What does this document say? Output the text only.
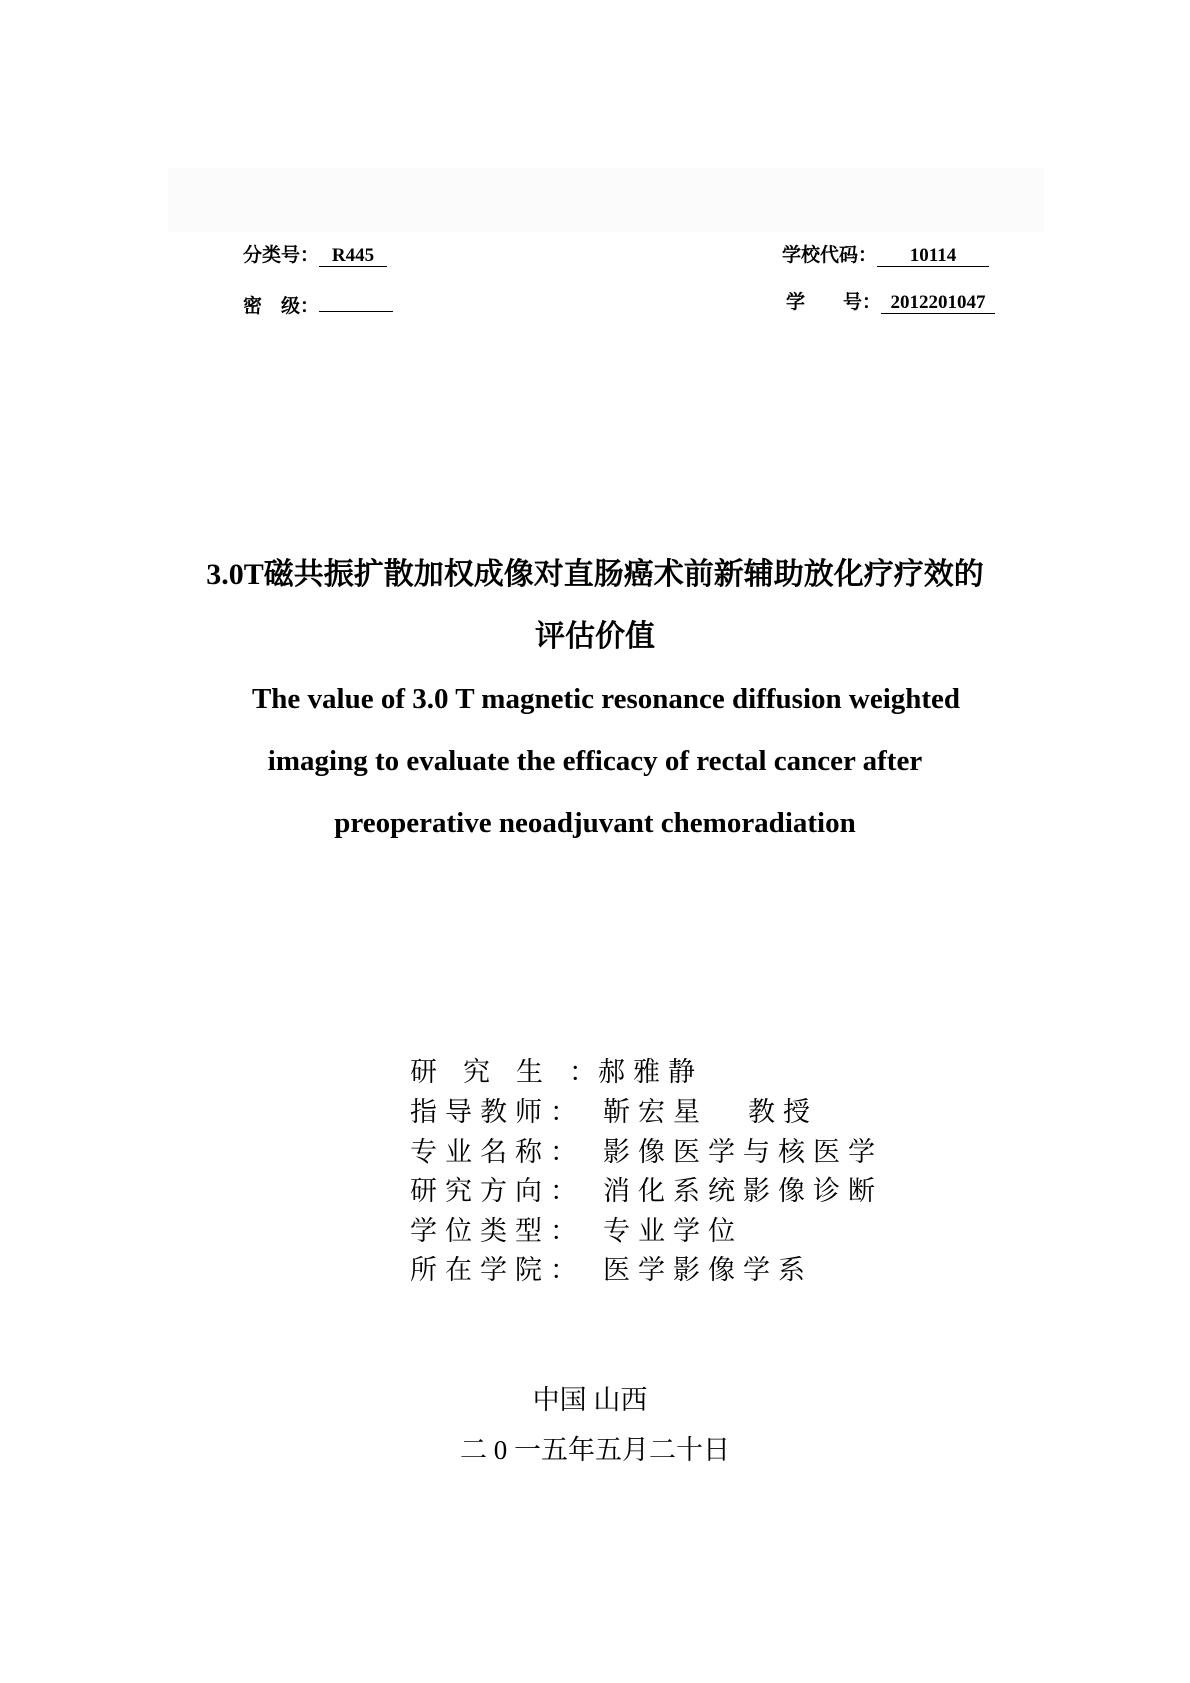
分类号： R445
密　级：
学校代码： 10114
学　　号： 2012201047
3.0T磁共振扩散加权成像对直肠癌术前新辅助放化疗疗效的
评估价值
The value of 3.0 T magnetic resonance diffusion weighted
imaging to evaluate the efficacy of rectal cancer after
preoperative neoadjuvant chemoradiation
研究生：
郝雅静
指导教师： 靳宏星 教授
专业名称： 影像医学与核医学
研究方向： 消化系统影像诊断
学位类型： 专业学位
所在学院： 医学影像学系
中国 山西
二 0 一五年五月二十日
